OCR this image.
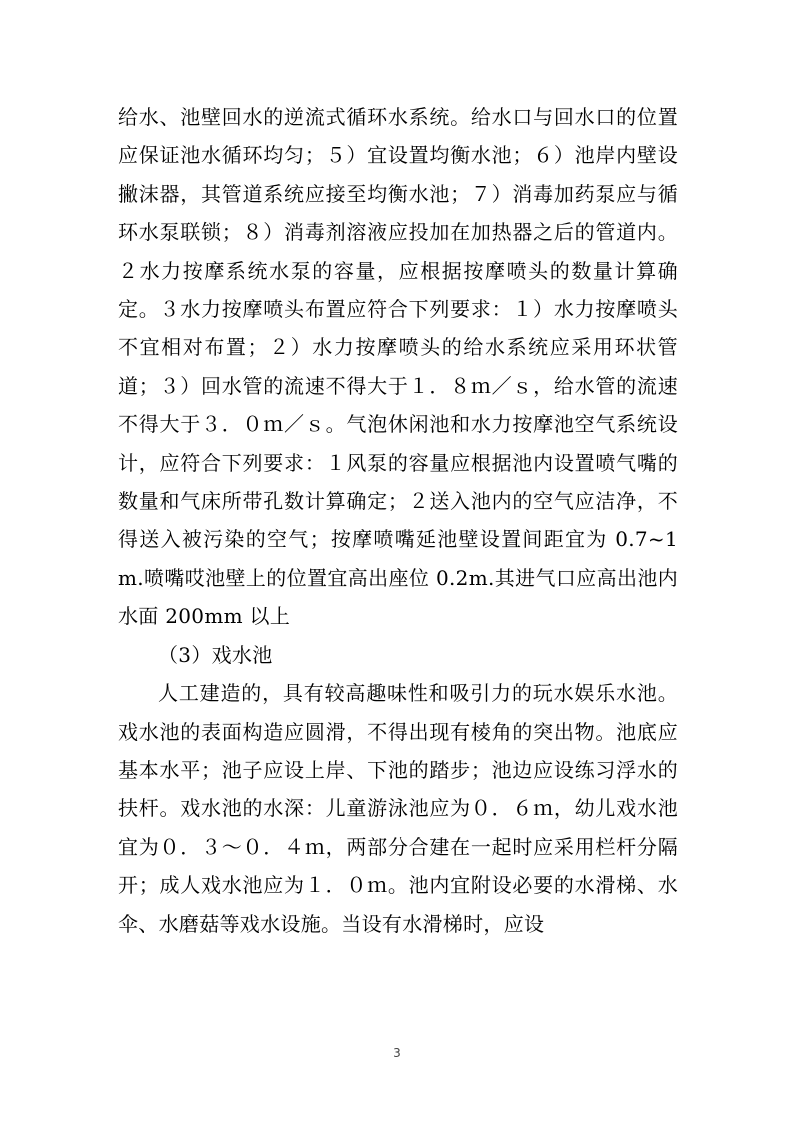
给水、池壁回水的逆流式循环水系统。给水口与回水口的位置应保证池水循环均匀；５）宜设置均衡水池；６）池岸内壁设撇沫器，其管道系统应接至均衡水池；７）消毒加药泵应与循环水泵联锁；８）消毒剂溶液应投加在加热器之后的管道内。２水力按摩系统水泵的容量，应根据按摩喷头的数量计算确定。３水力按摩喷头布置应符合下列要求：１）水力按摩喷头不宜相对布置；２）水力按摩喷头的给水系统应采用环状管道；３）回水管的流速不得大于１．８ｍ／ｓ，给水管的流速不得大于３．０ｍ／ｓ。气泡休闲池和水力按摩池空气系统设计，应符合下列要求：１风泵的容量应根据池内设置喷气嘴的数量和气床所带孔数计算确定；２送入池内的空气应洁净，不得送入被污染的空气；按摩喷嘴延池壁设置间距宜为 0.7~1m.喷嘴哎池壁上的位置宜高出座位 0.2m.其进气口应高出池内水面 200mm 以上

（3）戏水池

人工建造的，具有较高趣味性和吸引力的玩水娱乐水池。戏水池的表面构造应圆滑，不得出现有棱角的突出物。池底应基本水平；池子应设上岸、下池的踏步；池边应设练习浮水的扶杆。戏水池的水深：儿童游泳池应为０．６ｍ，幼儿戏水池宜为０．３～０．４ｍ，两部分合建在一起时应采用栏杆分隔开；成人戏水池应为１．０ｍ。池内宜附设必要的水滑梯、水伞、水磨菇等戏水设施。当设有水滑梯时，应设

3
